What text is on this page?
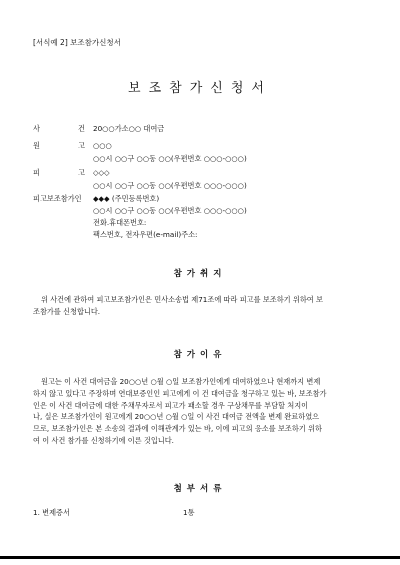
[서식예 2] 보조참가신청서
보조참가신청서
사	건 20○○가소○○ 대여금
원	고 ○○○
○○시 ○○구 ○○동 ○○(우편번호 ○○○-○○○)
피	고 ◇◇◇
○○시 ○○구 ○○동 ○○(우편번호 ○○○-○○○)
피고보조참가인 ◆◆◆ (주민등록번호)
○○시 ○○구 ○○동 ○○(우편번호 ○○○-○○○)
전화.휴대폰번호:
팩스번호, 전자우편(e-mail)주소:
참가취지

위 사건에 관하여 피고보조참가인은 민사소송법 제71조에 따라 피고를 보조하기 위하여 보

조참가를 신청합니다.
참가이유

원고는 이 사건 대여금을 20○○년 ○월 ○일 보조참가인에게 대여하였으나 현재까지 변제

하지 않고 있다고 주장하며 연대보증인인 피고에게 이 건 대여금을 청구하고 있는 바, 보조참가
인은 이 사건 대여금에 대한 주채무자로서 피고가 패소할 경우 구상채무를 부담할 처지이
나, 실은 보조참가인이 원고에게 20○○년 ○월 ○일 이 사건 대여금 전액을 변제 완료하였으
므로, 보조참가인은 본 소송의 결과에 이해관계가 있는 바, 이에 피고의 응소를 보조하기 위하
여 이 사건 참가를 신청하기에 이른 것입니다.
첨부서류
1. 변제증서	1통
